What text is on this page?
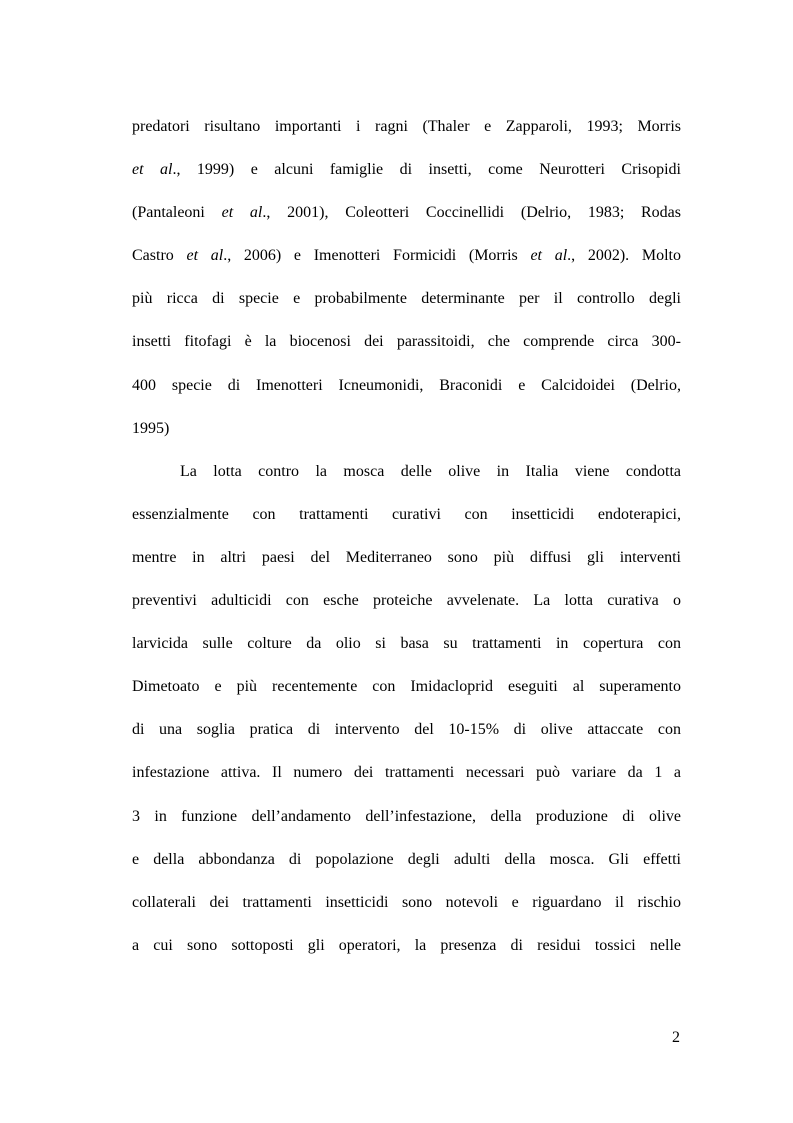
predatori risultano importanti i ragni (Thaler e Zapparoli, 1993; Morris
et al., 1999) e alcuni famiglie di insetti, come Neurotteri Crisopidi
(Pantaleoni et al., 2001), Coleotteri Coccinellidi (Delrio, 1983; Rodas
Castro et al., 2006) e Imenotteri Formicidi (Morris et al., 2002). Molto
più ricca di specie e probabilmente determinante per il controllo degli
insetti fitofagi è la biocenosi dei parassitoidi, che comprende circa 300-
400 specie di Imenotteri Icneumonidi, Braconidi e Calcidoidei (Delrio,
1995)
La lotta contro la mosca delle olive in Italia viene condotta
essenzialmente con trattamenti curativi con insetticidi endoterapici,
mentre in altri paesi del Mediterraneo sono più diffusi gli interventi
preventivi adulticidi con esche proteiche avvelenate. La lotta curativa o
larvicida sulle colture da olio si basa su trattamenti in copertura con
Dimetoato e più recentemente con Imidacloprid eseguiti al superamento
di una soglia pratica di intervento del 10-15% di olive attaccate con
infestazione attiva. Il numero dei trattamenti necessari può variare da 1 a
3 in funzione dell’andamento dell’infestazione, della produzione di olive
e della abbondanza di popolazione degli adulti della mosca. Gli effetti
collaterali dei trattamenti insetticidi sono notevoli e riguardano il rischio
a cui sono sottoposti gli operatori, la presenza di residui tossici nelle
2
